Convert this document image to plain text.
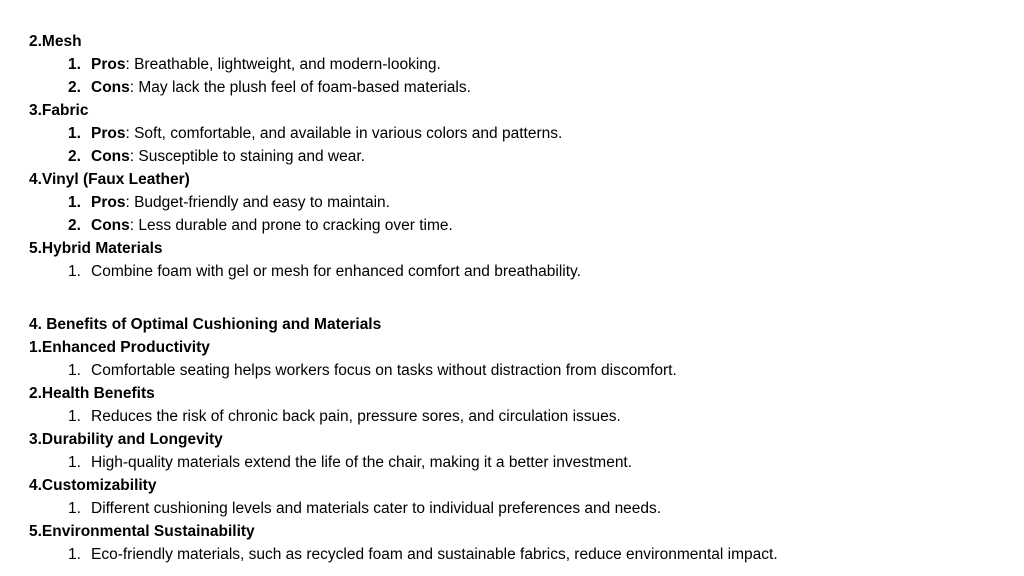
2.Mesh
1. Pros: Breathable, lightweight, and modern-looking.
2. Cons: May lack the plush feel of foam-based materials.
3.Fabric
1. Pros: Soft, comfortable, and available in various colors and patterns.
2. Cons: Susceptible to staining and wear.
4.Vinyl (Faux Leather)
1. Pros: Budget-friendly and easy to maintain.
2. Cons: Less durable and prone to cracking over time.
5.Hybrid Materials
1. Combine foam with gel or mesh for enhanced comfort and breathability.
4. Benefits of Optimal Cushioning and Materials
1.Enhanced Productivity
1. Comfortable seating helps workers focus on tasks without distraction from discomfort.
2.Health Benefits
1. Reduces the risk of chronic back pain, pressure sores, and circulation issues.
3.Durability and Longevity
1. High-quality materials extend the life of the chair, making it a better investment.
4.Customizability
1. Different cushioning levels and materials cater to individual preferences and needs.
5.Environmental Sustainability
1. Eco-friendly materials, such as recycled foam and sustainable fabrics, reduce environmental impact.
